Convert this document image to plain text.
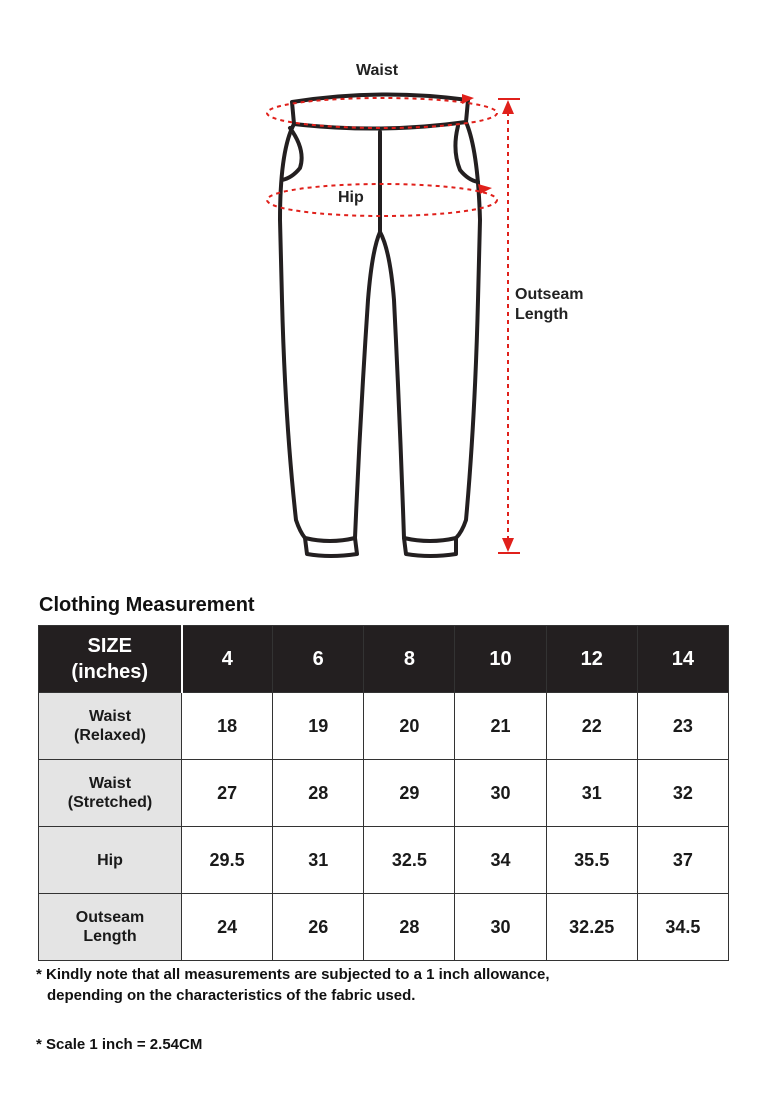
Waist
Hip
Outseam
Length
Clothing Measurement
SIZE
(inches)	4	6	8	10	12	14

Waist
(Relaxed)	18	19	20	21	22	23

Waist
(Stretched)	27	28	29	30	31	32

Hip	29.5	31	32.5	34	35.5	37

Outseam
Length	24	26	28	30	32.25	34.5
* Kindly note that all measurements are subjected to a 1 inch allowance,
depending on the characteristics of the fabric used.
* Scale 1 inch = 2.54CM
